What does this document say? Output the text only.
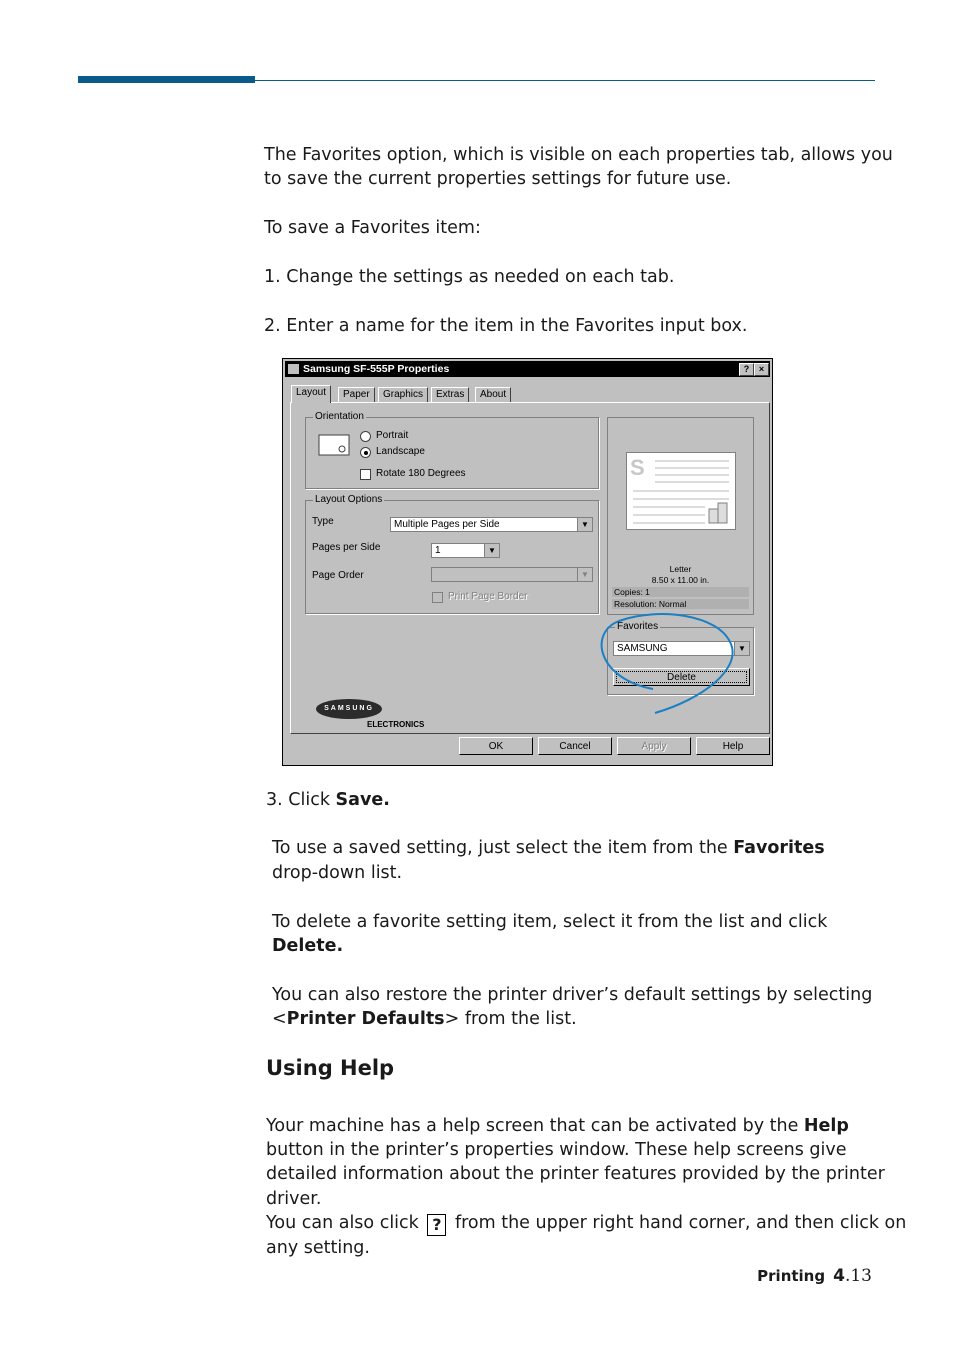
The Favorites option, which is visible on each properties tab, allows you
to save the current properties settings for future use.
To save a Favorites item:
1. Change the settings as needed on each tab.
2. Enter a name for the item in the Favorites input box.
Samsung SF-555P Properties	?	×
Layout	Paper	Graphics	Extras	About
Orientation
Portrait
Landscape
Rotate 180 Degrees
Layout Options
Type	Multiple Pages per Side	▼
Pages per Side	1	▼
Page Order	▼
Print Page Border
S
Letter
8.50 x 11.00 in.
Copies: 1
Resolution: Normal
Favorites
SAMSUNG	▼
Delete
SAMSUNG
ELECTRONICS
OK	Cancel	Apply	Help
3. Click Save.
To use a saved setting, just select the item from the Favorites
drop-down list.
To delete a favorite setting item, select it from the list and click
Delete.
You can also restore the printer driver’s default settings by selecting
<Printer Defaults> from the list.
Using Help
Your machine has a help screen that can be activated by the Help
button in the printer’s properties window. These help screens give
detailed information about the printer features provided by the printer
driver.
You can also click ? from the upper right hand corner, and then click on
any setting.
Printing 4.13
